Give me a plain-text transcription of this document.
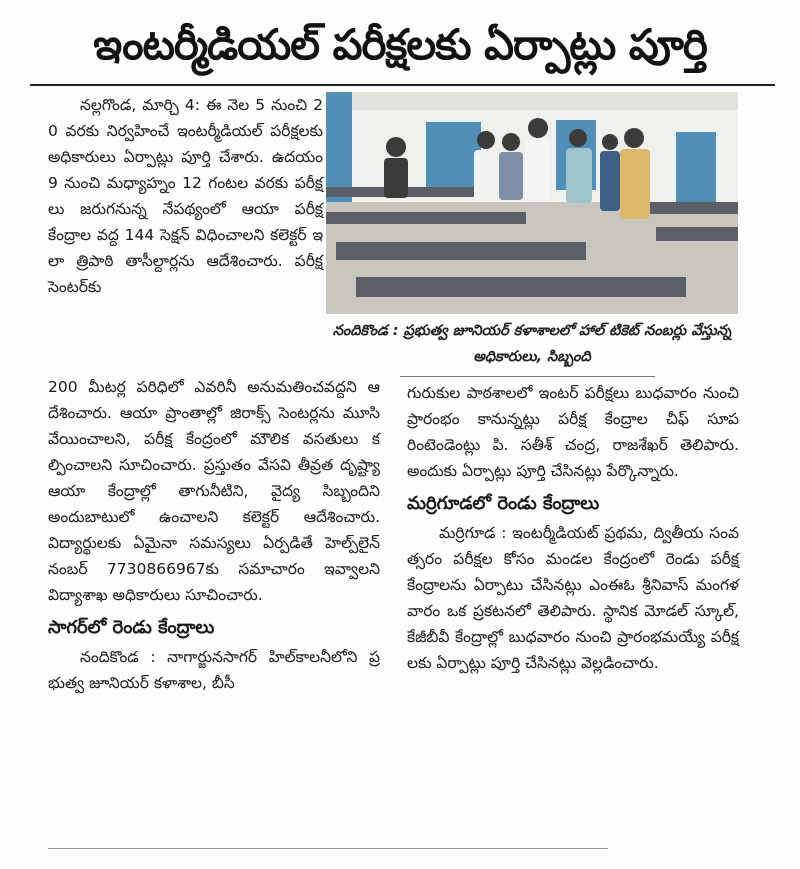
ఇంటర్మీడియల్ పరీక్షలకు ఏర్పాట్లు పూర్తి

నల్లగొండ, మార్చి 4: ఈ నెల 5 నుంచి 20 వరకు నిర్వహించే ఇంటర్మీడియల్ పరీక్షలకు అధికారులు ఏర్పాట్లు పూర్తి చేశారు. ఉదయం 9 నుంచి మధ్యాహ్నం 12 గంటల వరకు పరీక్షలు జరుగనున్న నేపథ్యంలో ఆయా పరీక్ష కేంద్రాల వద్ద 144 సెక్షన్ విధించాలని కలెక్టర్ ఇలా త్రిపాఠి తాసీల్దార్లను ఆదేశించారు. పరీక్ష సెంటర్‌కు

నందికొండ : ప్రభుత్వ జూనియర్ కళాశాలలో హాల్ టికెట్ నంబర్లు వేస్తున్న అధికారులు, సిబ్బంది

200 మీటర్ల పరిధిలో ఎవరినీ అనుమతించవద్దని ఆదేశించారు. ఆయా ప్రాంతాల్లో జిరాక్స్ సెంటర్లను మూసి వేయించాలని, పరీక్ష కేంద్రంలో మౌలిక వసతులు కల్పించాలని సూచించారు. ప్రస్తుతం వేసవి తీవ్రత దృష్ట్యా ఆయా కేంద్రాల్లో తాగునీటిని, వైద్య సిబ్బందిని అందుబాటులో ఉంచాలని కలెక్టర్ ఆదేశించారు. విద్యార్థులకు ఏమైనా సమస్యలు ఏర్పడితే హెల్ప్‌లైన్ నంబర్ 7730866967కు సమాచారం ఇవ్వాలని విద్యాశాఖ అధికారులు సూచించారు.

సాగర్‌లో రెండు కేంద్రాలు

నందికొండ : నాగార్జునసాగర్ హిల్‌కాలనీలోని ప్రభుత్వ జూనియర్ కళాశాల, బీసీ

గురుకుల పాఠశాలలో ఇంటర్ పరీక్షలు బుధవారం నుంచి ప్రారంభం కానున్నట్లు పరీక్ష కేంద్రాల చీఫ్ సూపరింటెండెంట్లు పి. సతీశ్ చంద్ర, రాజశేఖర్ తెలిపారు. అందుకు ఏర్పాట్లు పూర్తి చేసినట్లు పేర్కొన్నారు.

మర్రిగూడలో రెండు కేంద్రాలు

మర్రిగూడ : ఇంటర్మీడియట్ ప్రథమ, ద్వితీయ సంవత్సరం పరీక్షల కోసం మండల కేంద్రంలో రెండు పరీక్ష కేంద్రాలను ఏర్పాటు చేసినట్లు ఎంఈఓ శ్రీనివాస్ మంగళవారం ఒక ప్రకటనలో తెలిపారు. స్థానిక మోడల్ స్కూల్, కేజీబీవీ కేంద్రాల్లో బుధవారం నుంచి ప్రారంభమయ్యే పరీక్షలకు ఏర్పాట్లు పూర్తి చేసినట్లు వెల్లడించారు.
